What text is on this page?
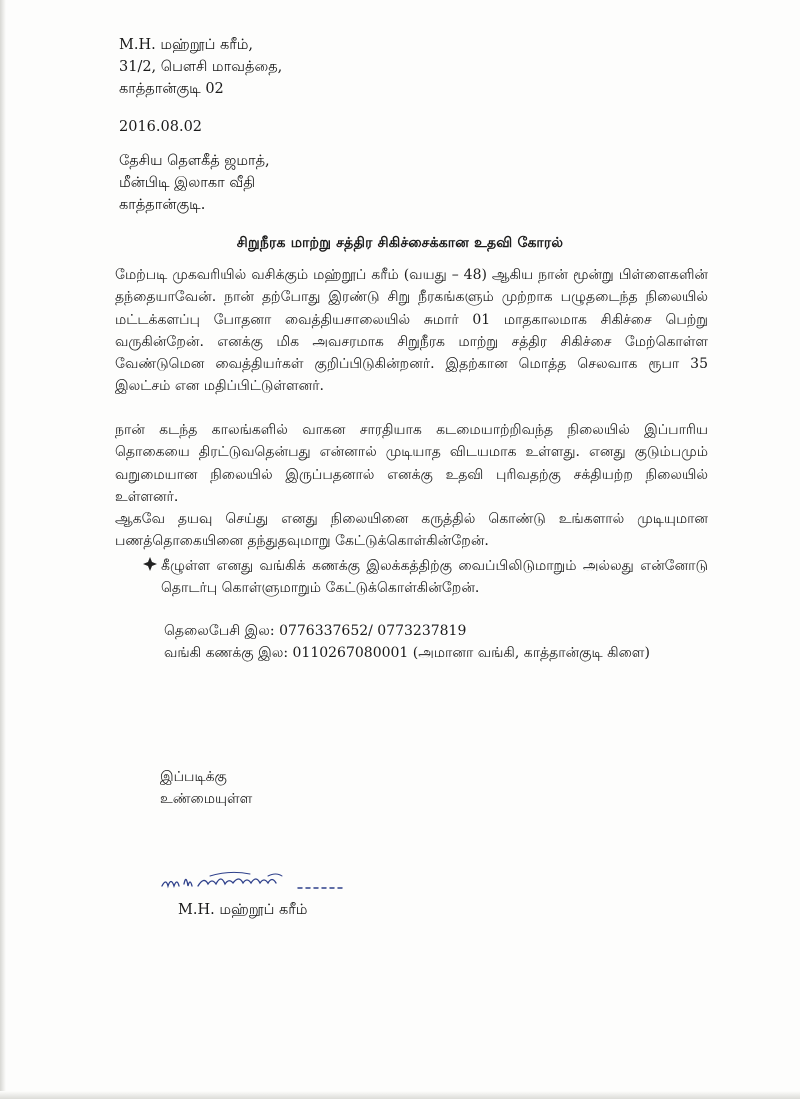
M.H. மஹ்றூப் கரீம்,
31/2, பௌசி மாவத்தை,
காத்தான்குடி 02
2016.08.02
தேசிய தௌகீத் ஜமாத்,
மீன்பிடி இலாகா வீதி
காத்தான்குடி.
சிறுநீரக மாற்று சத்திர சிகிச்சைக்கான உதவி கோரல்
மேற்படி முகவரியில் வசிக்கும் மஹ்றூப் கரீம் (வயது – 48) ஆகிய நான் மூன்று பிள்ளைகளின் தந்தையாவேன். நான் தற்போது இரண்டு சிறு நீரகங்களும் முற்றாக பழுதடைந்த நிலையில் மட்டக்களப்பு போதனா வைத்தியசாலையில் சுமார் 01 மாதகாலமாக சிகிச்சை பெற்று வருகின்றேன். எனக்கு மிக அவசரமாக சிறுநீரக மாற்று சத்திர சிகிச்சை மேற்கொள்ள வேண்டுமென வைத்தியர்கள் குறிப்பிடுகின்றனர். இதற்கான மொத்த செலவாக ரூபா 35 இலட்சம் என மதிப்பிட்டுள்ளனர்.
நான் கடந்த காலங்களில் வாகன சாரதியாக கடமையாற்றிவந்த நிலையில் இப்பாரிய தொகையை திரட்டுவதென்பது என்னால் முடியாத விடயமாக உள்ளது. எனது குடும்பமும் வறுமையான நிலையில் இருப்பதனால் எனக்கு உதவி புரிவதற்கு சக்தியற்ற நிலையில் உள்ளனர்.
ஆகவே தயவு செய்து எனது நிலையினை கருத்தில் கொண்டு உங்களால் முடியுமான பணத்தொகையினை தந்துதவுமாறு கேட்டுக்கொள்கின்றேன்.
கீழுள்ள எனது வங்கிக் கணக்கு இலக்கத்திற்கு வைப்பிலிடுமாறும் அல்லது என்னோடு தொடர்பு கொள்ளுமாறும் கேட்டுக்கொள்கின்றேன்.
தெலைபேசி இல: 0776337652/ 0773237819
வங்கி கணக்கு இல: 0110267080001 (அமானா வங்கி, காத்தான்குடி கிளை)
இப்படிக்கு
உண்மையுள்ள
M.H. மஹ்றூப் கரீம்
